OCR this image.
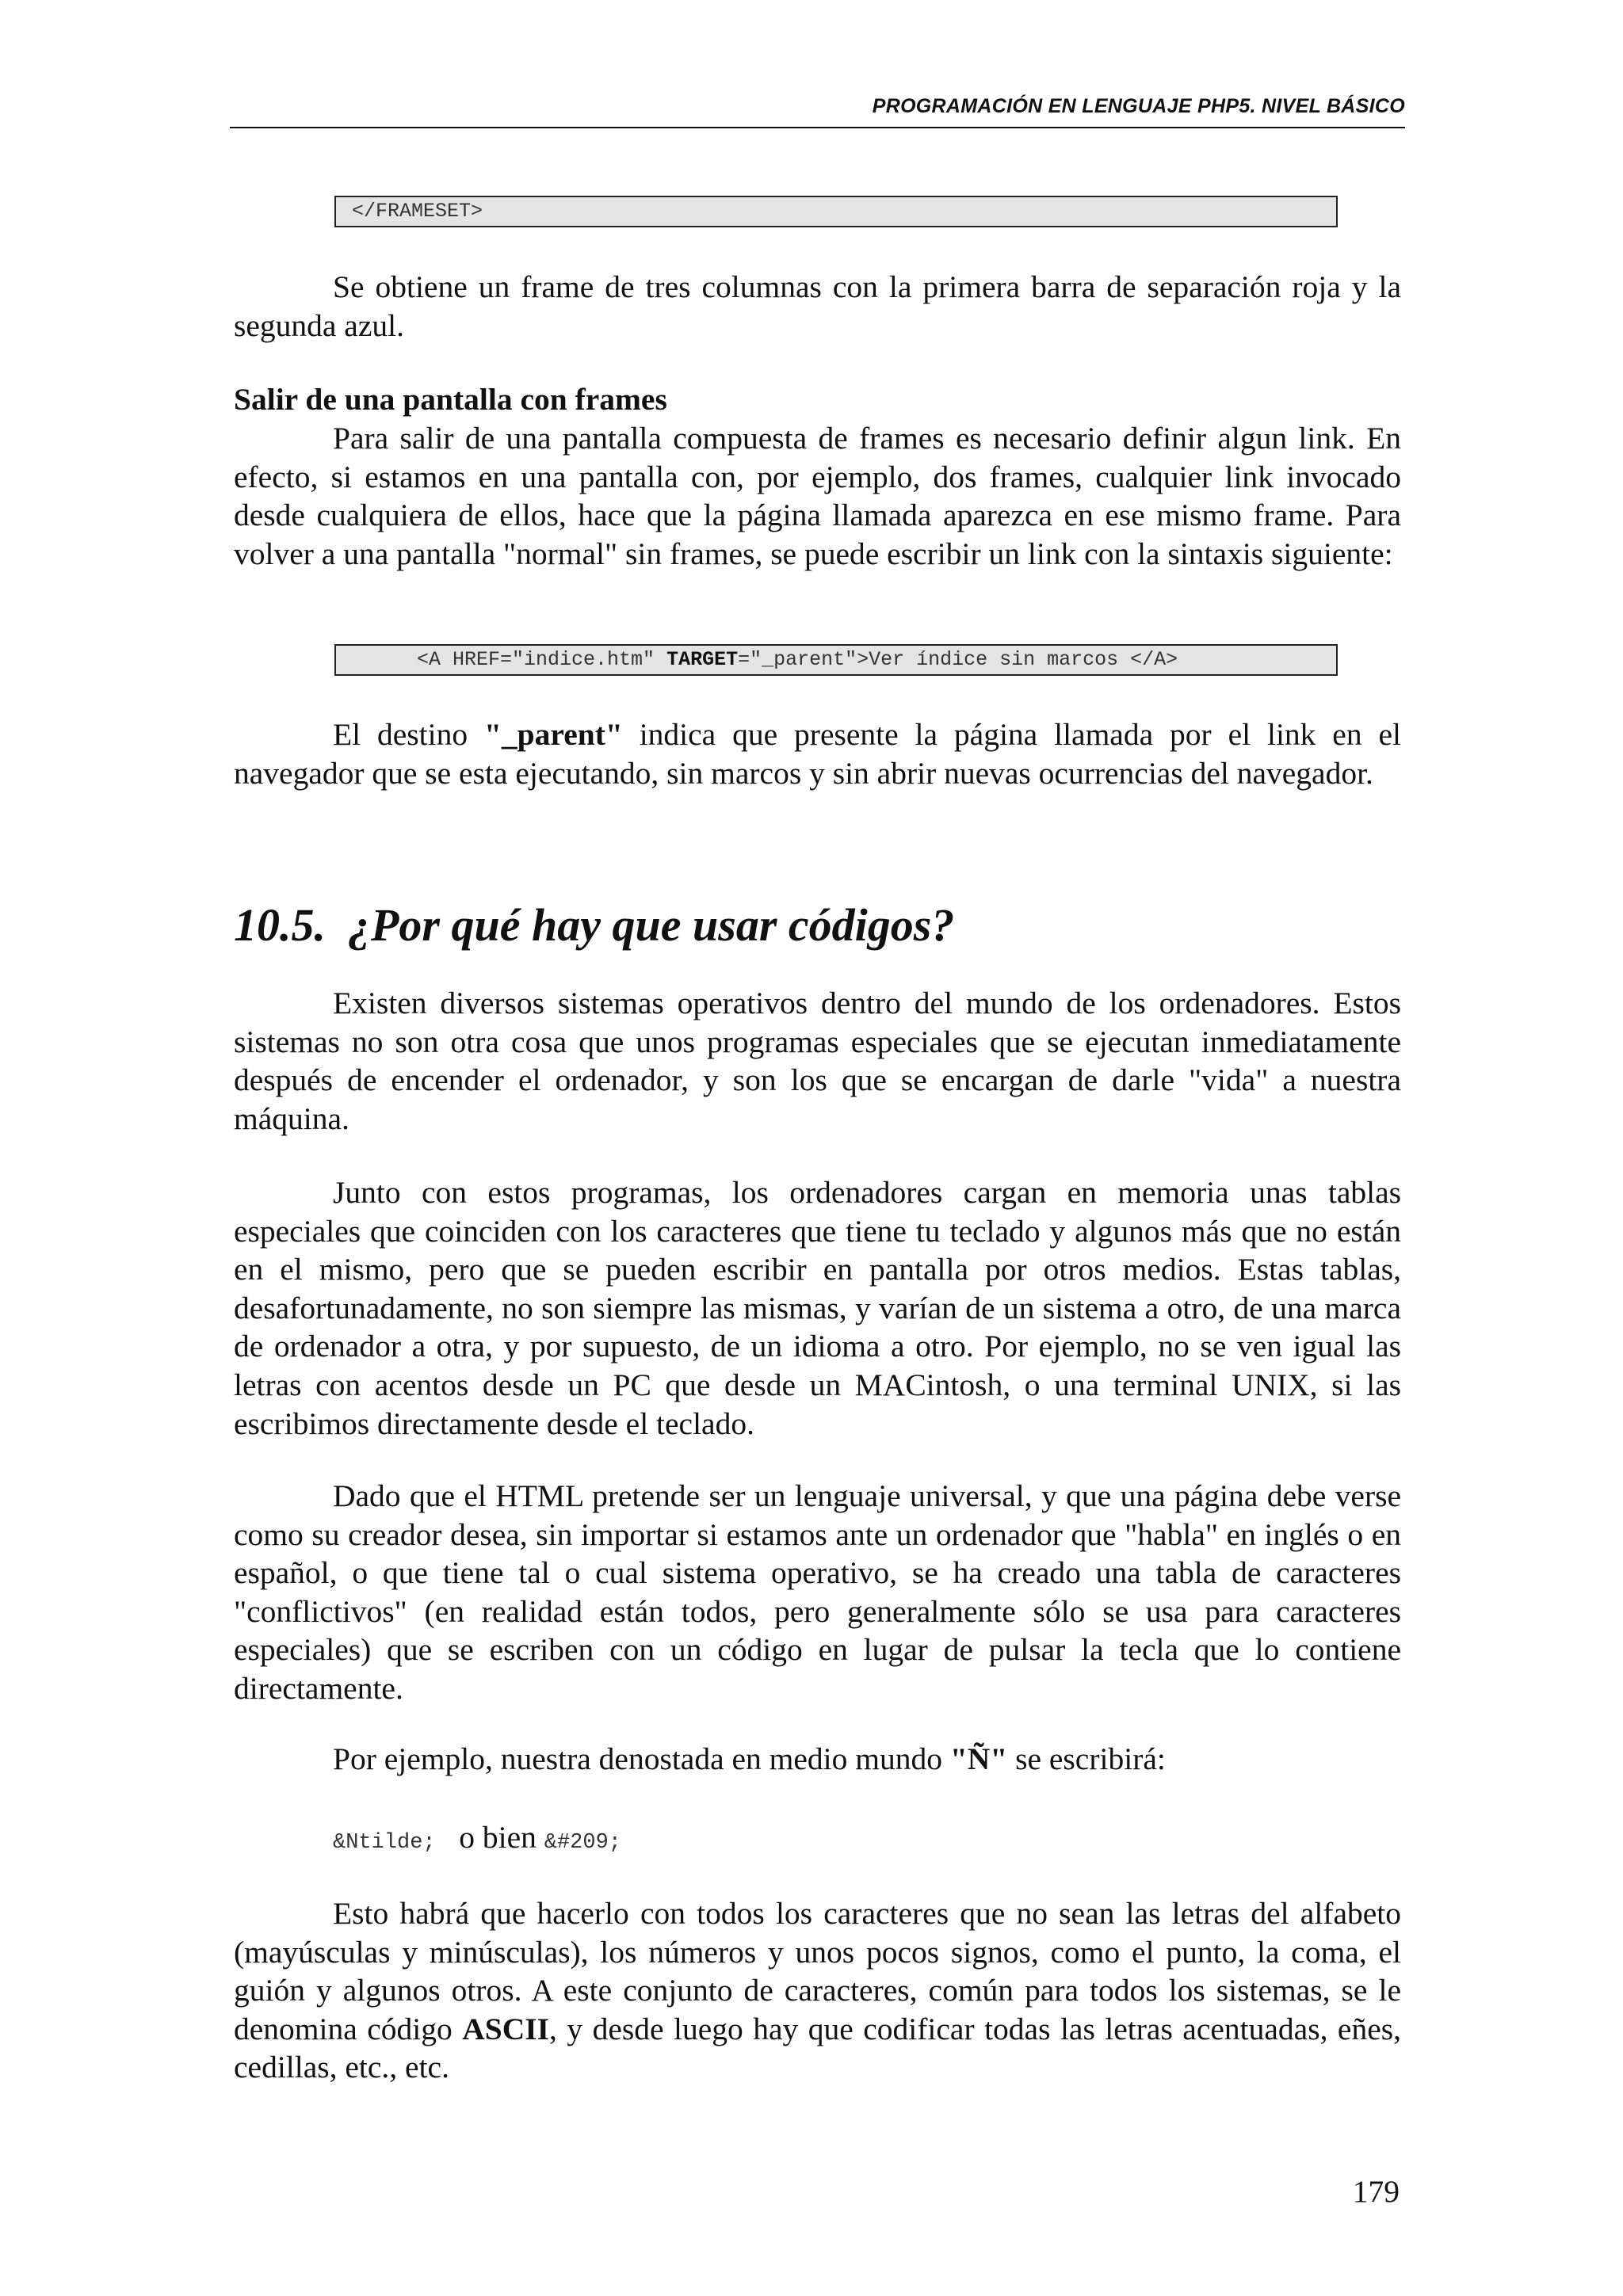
PROGRAMACIÓN EN LENGUAJE PHP5. NIVEL BÁSICO
</FRAMESET>

Se obtiene un frame de tres columnas con la primera barra de separación roja y la segunda azul.

Salir de una pantalla con frames

Para salir de una pantalla compuesta de frames es necesario definir algun link. En efecto, si estamos en una pantalla con, por ejemplo, dos frames, cualquier link invocado desde cualquiera de ellos, hace que la página llamada aparezca en ese mismo frame. Para volver a una pantalla "normal" sin frames, se puede escribir un link con la sintaxis siguiente:

<A HREF="indice.htm" TARGET="_parent">Ver índice sin marcos </A>

El destino "_parent" indica que presente la página llamada por el link en el navegador que se esta ejecutando, sin marcos y sin abrir nuevas ocurrencias del navegador.

10.5. ¿Por qué hay que usar códigos?

Existen diversos sistemas operativos dentro del mundo de los ordenadores. Estos sistemas no son otra cosa que unos programas especiales que se ejecutan inmediatamente después de encender el ordenador, y son los que se encargan de darle "vida" a nuestra máquina.

Junto con estos programas, los ordenadores cargan en memoria unas tablas especiales que coinciden con los caracteres que tiene tu teclado y algunos más que no están en el mismo, pero que se pueden escribir en pantalla por otros medios. Estas tablas, desafortunadamente, no son siempre las mismas, y varían de un sistema a otro, de una marca de ordenador a otra, y por supuesto, de un idioma a otro. Por ejemplo, no se ven igual las letras con acentos desde un PC que desde un MACintosh, o una terminal UNIX, si las escribimos directamente desde el teclado.

Dado que el HTML pretende ser un lenguaje universal, y que una página debe verse como su creador desea, sin importar si estamos ante un ordenador que "habla" en inglés o en español, o que tiene tal o cual sistema operativo, se ha creado una tabla de caracteres "conflictivos" (en realidad están todos, pero generalmente sólo se usa para caracteres especiales) que se escriben con un código en lugar de pulsar la tecla que lo contiene directamente.

Por ejemplo, nuestra denostada en medio mundo "Ñ" se escribirá:

&Ntilde; o bien &#209;

Esto habrá que hacerlo con todos los caracteres que no sean las letras del alfabeto (mayúsculas y minúsculas), los números y unos pocos signos, como el punto, la coma, el guión y algunos otros. A este conjunto de caracteres, común para todos los sistemas, se le denomina código ASCII, y desde luego hay que codificar todas las letras acentuadas, eñes, cedillas, etc., etc.

179
